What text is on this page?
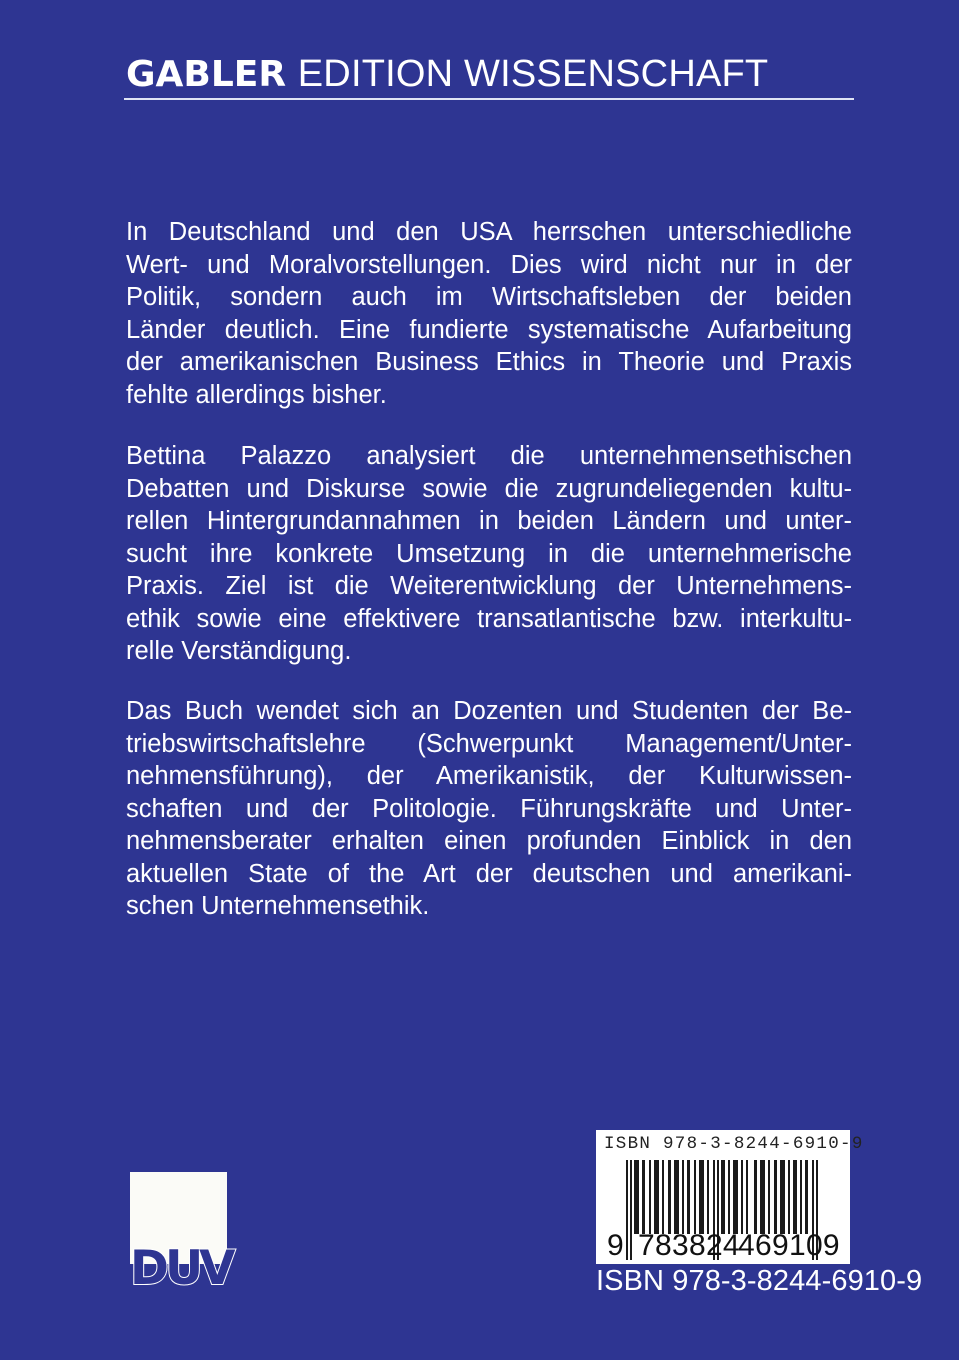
GABLER EDITION WISSENSCHAFT
In Deutschland und den USA herrschen unterschiedliche
Wert- und Moralvorstellungen. Dies wird nicht nur in der
Politik, sondern auch im Wirtschaftsleben der beiden
Länder deutlich. Eine fundierte systematische Aufarbeitung
der amerikanischen Business Ethics in Theorie und Praxis
fehlte allerdings bisher.
Bettina Palazzo analysiert die unternehmensethischen
Debatten und Diskurse sowie die zugrundeliegenden kultu-
rellen Hintergrundannahmen in beiden Ländern und unter-
sucht ihre konkrete Umsetzung in die unternehmerische
Praxis. Ziel ist die Weiterentwicklung der Unternehmens-
ethik sowie eine effektivere transatlantische bzw. interkultu-
relle Verständigung.
Das Buch wendet sich an Dozenten und Studenten der Be-
triebswirtschaftslehre (Schwerpunkt Management/Unter-
nehmensführung), der Amerikanistik, der Kulturwissen-
schaften und der Politologie. Führungskräfte und Unter-
nehmensberater erhalten einen profunden Einblick in den
aktuellen State of the Art der deutschen und amerikani-
schen Unternehmensethik.
DUV
ISBN 978-3-8244-6910-9
9 783824
469109
ISBN 978-3-8244-6910-9
